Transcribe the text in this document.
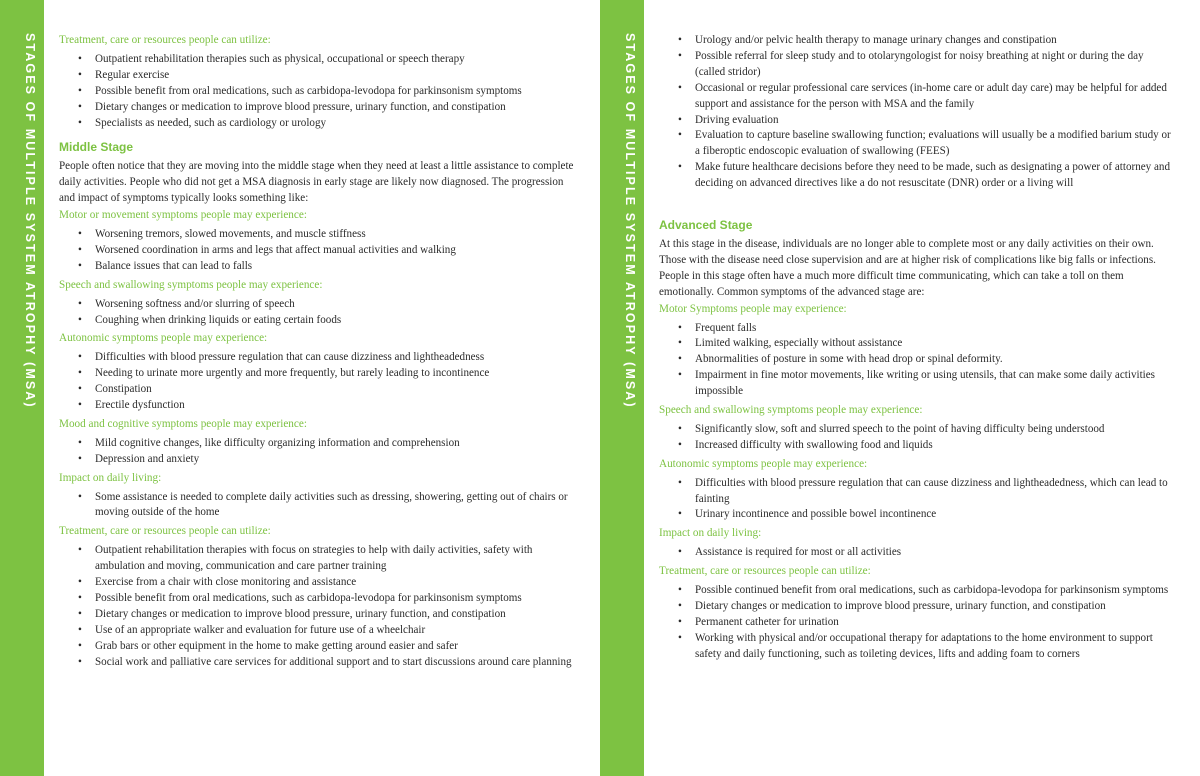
STAGES OF MULTIPLE SYSTEM ATROPHY (MSA)	STAGES OF MULTIPLE SYSTEM ATROPHY (MSA)

Treatment, care or resources people can utilize:

• Outpatient rehabilitation therapies such as physical, occupational or speech therapy
• Regular exercise
• Possible benefit from oral medications, such as carbidopa-levodopa for parkinsonism symptoms
• Dietary changes or medication to improve blood pressure, urinary function, and constipation
• Specialists as needed, such as cardiology or urology

Middle Stage

People often notice that they are moving into the middle stage when they need at least a little assistance to complete daily activities. People who did not get a MSA diagnosis in early stage are likely now diagnosed. The progression and impact of symptoms typically looks something like:

Motor or movement symptoms people may experience:

• Worsening tremors, slowed movements, and muscle stiffness
• Worsened coordination in arms and legs that affect manual activities and walking
• Balance issues that can lead to falls

Speech and swallowing symptoms people may experience:

• Worsening softness and/or slurring of speech
• Coughing when drinking liquids or eating certain foods

Autonomic symptoms people may experience:

• Difficulties with blood pressure regulation that can cause dizziness and lightheadedness
• Needing to urinate more urgently and more frequently, but rarely leading to incontinence
• Constipation
• Erectile dysfunction

Mood and cognitive symptoms people may experience:

• Mild cognitive changes, like difficulty organizing information and comprehension
• Depression and anxiety

Impact on daily living:

• Some assistance is needed to complete daily activities such as dressing, showering, getting out of chairs or moving outside of the home

Treatment, care or resources people can utilize:

• Outpatient rehabilitation therapies with focus on strategies to help with daily activities, safety with ambulation and moving, communication and care partner training
• Exercise from a chair with close monitoring and assistance
• Possible benefit from oral medications, such as carbidopa-levodopa for parkinsonism symptoms
• Dietary changes or medication to improve blood pressure, urinary function, and constipation
• Use of an appropriate walker and evaluation for future use of a wheelchair
• Grab bars or other equipment in the home to make getting around easier and safer
• Social work and palliative care services for additional support and to start discussions around care planning
• Urology and/or pelvic health therapy to manage urinary changes and constipation
• Possible referral for sleep study and to otolaryngologist for noisy breathing at night or during the day (called stridor)
• Occasional or regular professional care services (in-home care or adult day care) may be helpful for added support and assistance for the person with MSA and the family
• Driving evaluation
• Evaluation to capture baseline swallowing function; evaluations will usually be a modified barium study or a fiberoptic endoscopic evaluation of swallowing (FEES)
• Make future healthcare decisions before they need to be made, such as designating a power of attorney and deciding on advanced directives like a do not resuscitate (DNR) order or a living will

Advanced Stage

At this stage in the disease, individuals are no longer able to complete most or any daily activities on their own. Those with the disease need close supervision and are at higher risk of complications like big falls or infections. People in this stage often have a much more difficult time communicating, which can take a toll on them emotionally. Common symptoms of the advanced stage are:

Motor Symptoms people may experience:

• Frequent falls
• Limited walking, especially without assistance
• Abnormalities of posture in some with head drop or spinal deformity.
• Impairment in fine motor movements, like writing or using utensils, that can make some daily activities impossible

Speech and swallowing symptoms people may experience:

• Significantly slow, soft and slurred speech to the point of having difficulty being understood
• Increased difficulty with swallowing food and liquids

Autonomic symptoms people may experience:

• Difficulties with blood pressure regulation that can cause dizziness and lightheadedness, which can lead to fainting
• Urinary incontinence and possible bowel incontinence

Impact on daily living:

• Assistance is required for most or all activities

Treatment, care or resources people can utilize:

• Possible continued benefit from oral medications, such as carbidopa-levodopa for parkinsonism symptoms
• Dietary changes or medication to improve blood pressure, urinary function, and constipation
• Permanent catheter for urination
• Working with physical and/or occupational therapy for adaptations to the home environment to support safety and daily functioning, such as toileting devices, lifts and adding foam to corners
